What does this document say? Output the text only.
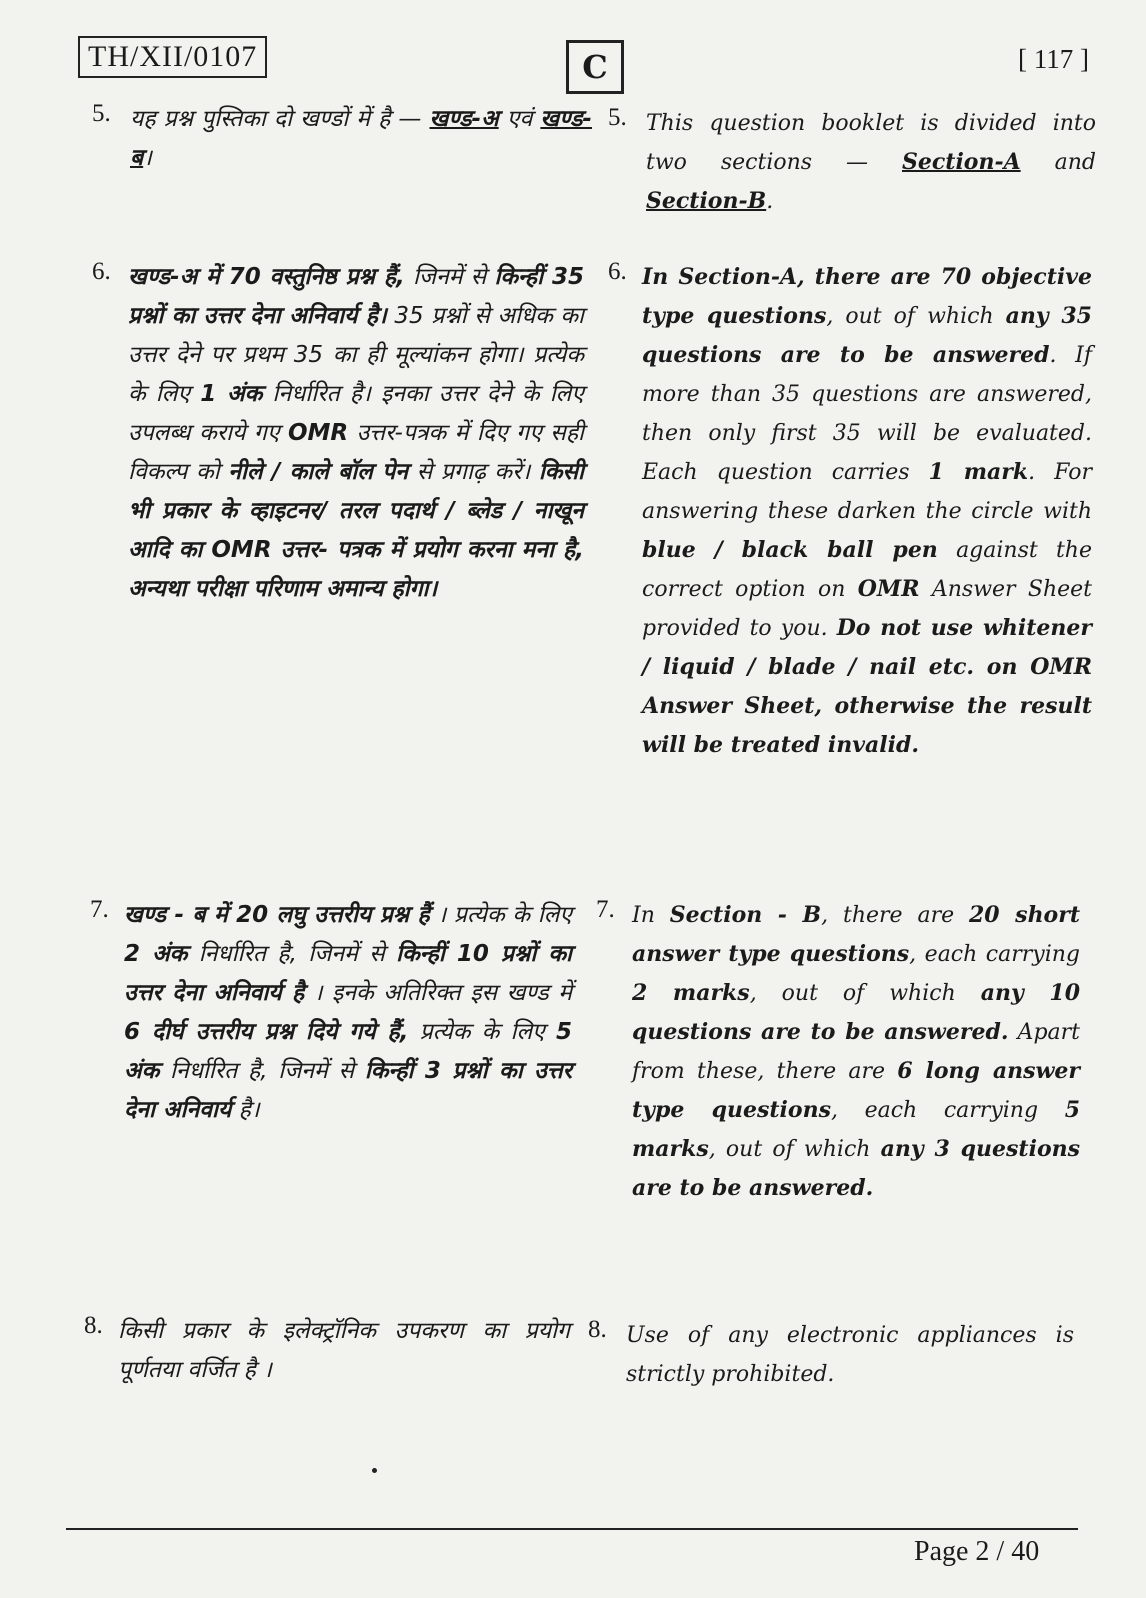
TH/XII/0107	C	[ 117 ]
5. यह प्रश्न पुस्तिका दो खण्डों में है — खण्ड-अ एवं खण्ड-ब।
5. This question booklet is divided into two sections — Section-A and Section-B.
6. खण्ड-अ में 70 वस्तुनिष्ठ प्रश्न हैं, जिनमें से किन्हीं 35 प्रश्नों का उत्तर देना अनिवार्य है। 35 प्रश्नों से अधिक का उत्तर देने पर प्रथम 35 का ही मूल्यांकन होगा। प्रत्येक के लिए 1 अंक निर्धारित है। इनका उत्तर देने के लिए उपलब्ध कराये गए OMR उत्तर-पत्रक में दिए गए सही विकल्प को नीले / काले बॉल पेन से प्रगाढ़ करें। किसी भी प्रकार के व्हाइटनर/ तरल पदार्थ / ब्लेड / नाखून आदि का OMR उत्तर- पत्रक में प्रयोग करना मना है, अन्यथा परीक्षा परिणाम अमान्य होगा।
6. In Section-A, there are 70 objective type questions, out of which any 35 questions are to be answered. If more than 35 questions are answered, then only first 35 will be evaluated. Each question carries 1 mark. For answering these darken the circle with blue / black ball pen against the correct option on OMR Answer Sheet provided to you. Do not use whitener / liquid / blade / nail etc. on OMR Answer Sheet, otherwise the result will be treated invalid.
7. खण्ड - ब में 20 लघु उत्तरीय प्रश्न हैं । प्रत्येक के लिए 2 अंक निर्धारित है, जिनमें से किन्हीं 10 प्रश्नों का उत्तर देना अनिवार्य है । इनके अतिरिक्त इस खण्ड में 6 दीर्घ उत्तरीय प्रश्न दिये गये हैं, प्रत्येक के लिए 5 अंक निर्धारित है, जिनमें से किन्हीं 3 प्रश्नों का उत्तर देना अनिवार्य है।
7. In Section - B, there are 20 short answer type questions, each carrying 2 marks, out of which any 10 questions are to be answered. Apart from these, there are 6 long answer type questions, each carrying 5 marks, out of which any 3 questions are to be answered.
8. किसी प्रकार के इलेक्ट्रॉनिक उपकरण का प्रयोग पूर्णतया वर्जित है ।
8. Use of any electronic appliances is strictly prohibited.
Page 2 / 40
